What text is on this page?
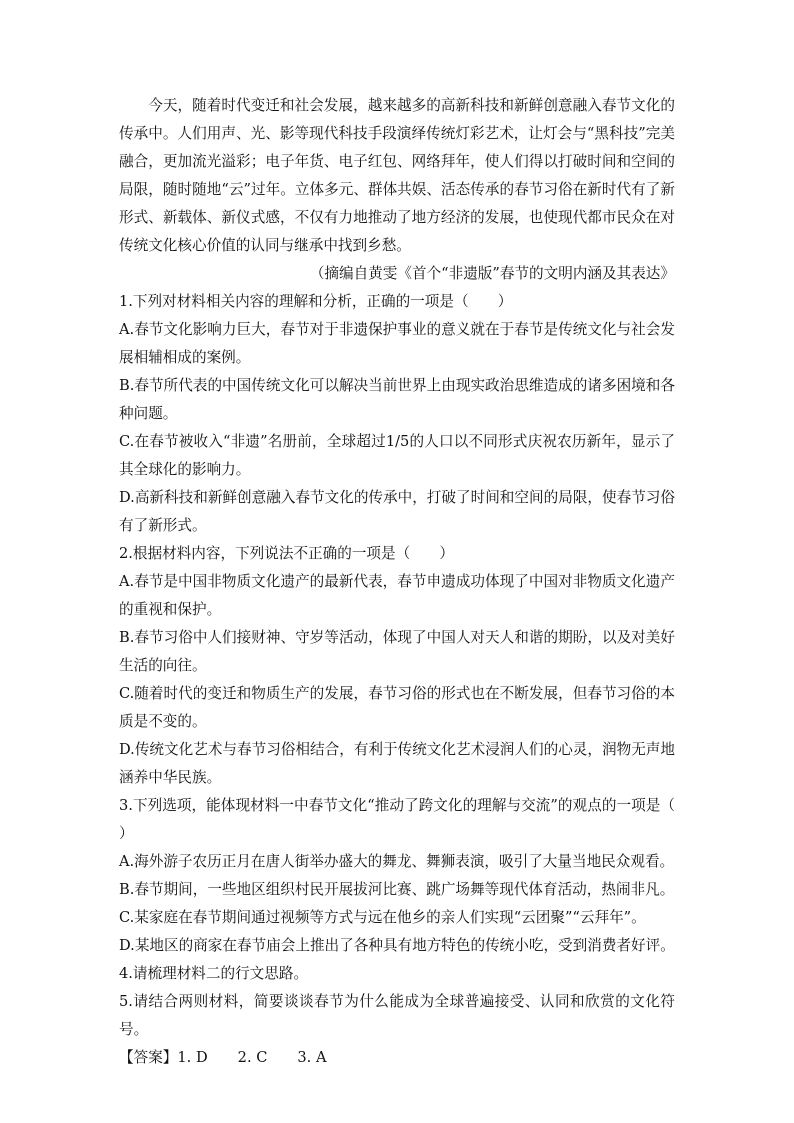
今天，随着时代变迁和社会发展，越来越多的高新科技和新鲜创意融入春节文化的传承中。人们用声、光、影等现代科技手段演绎传统灯彩艺术，让灯会与“黑科技”完美融合，更加流光溢彩；电子年货、电子红包、网络拜年，使人们得以打破时间和空间的局限，随时随地“云”过年。立体多元、群体共娱、活态传承的春节习俗在新时代有了新形式、新载体、新仪式感，不仅有力地推动了地方经济的发展，也使现代都市民众在对传统文化核心价值的认同与继承中找到乡愁。

（摘编自黄雯《首个“非遗版”春节的文明内涵及其表达》

1.下列对材料相关内容的理解和分析，正确的一项是（　　）

A.春节文化影响力巨大，春节对于非遗保护事业的意义就在于春节是传统文化与社会发展相辅相成的案例。

B.春节所代表的中国传统文化可以解决当前世界上由现实政治思维造成的诸多困境和各种问题。

C.在春节被收入“非遗”名册前，全球超过1/5的人口以不同形式庆祝农历新年，显示了其全球化的影响力。

D.高新科技和新鲜创意融入春节文化的传承中，打破了时间和空间的局限，使春节习俗有了新形式。

2.根据材料内容，下列说法不正确的一项是（　　）

A.春节是中国非物质文化遗产的最新代表，春节申遗成功体现了中国对非物质文化遗产的重视和保护。

B.春节习俗中人们接财神、守岁等活动，体现了中国人对天人和谐的期盼，以及对美好生活的向往。

C.随着时代的变迁和物质生产的发展，春节习俗的形式也在不断发展，但春节习俗的本质是不变的。

D.传统文化艺术与春节习俗相结合，有利于传统文化艺术浸润人们的心灵，润物无声地涵养中华民族。

3.下列选项，能体现材料一中春节文化“推动了跨文化的理解与交流”的观点的一项是（　　）

A.海外游子农历正月在唐人街举办盛大的舞龙、舞狮表演，吸引了大量当地民众观看。

B.春节期间，一些地区组织村民开展拔河比赛、跳广场舞等现代体育活动，热闹非凡。

C.某家庭在春节期间通过视频等方式与远在他乡的亲人们实现“云团聚”“云拜年”。

D.某地区的商家在春节庙会上推出了各种具有地方特色的传统小吃，受到消费者好评。

4.请梳理材料二的行文思路。

5.请结合两则材料，简要谈谈春节为什么能成为全球普遍接受、认同和欣赏的文化符号。

【答案】1. D 2. C 3. A
